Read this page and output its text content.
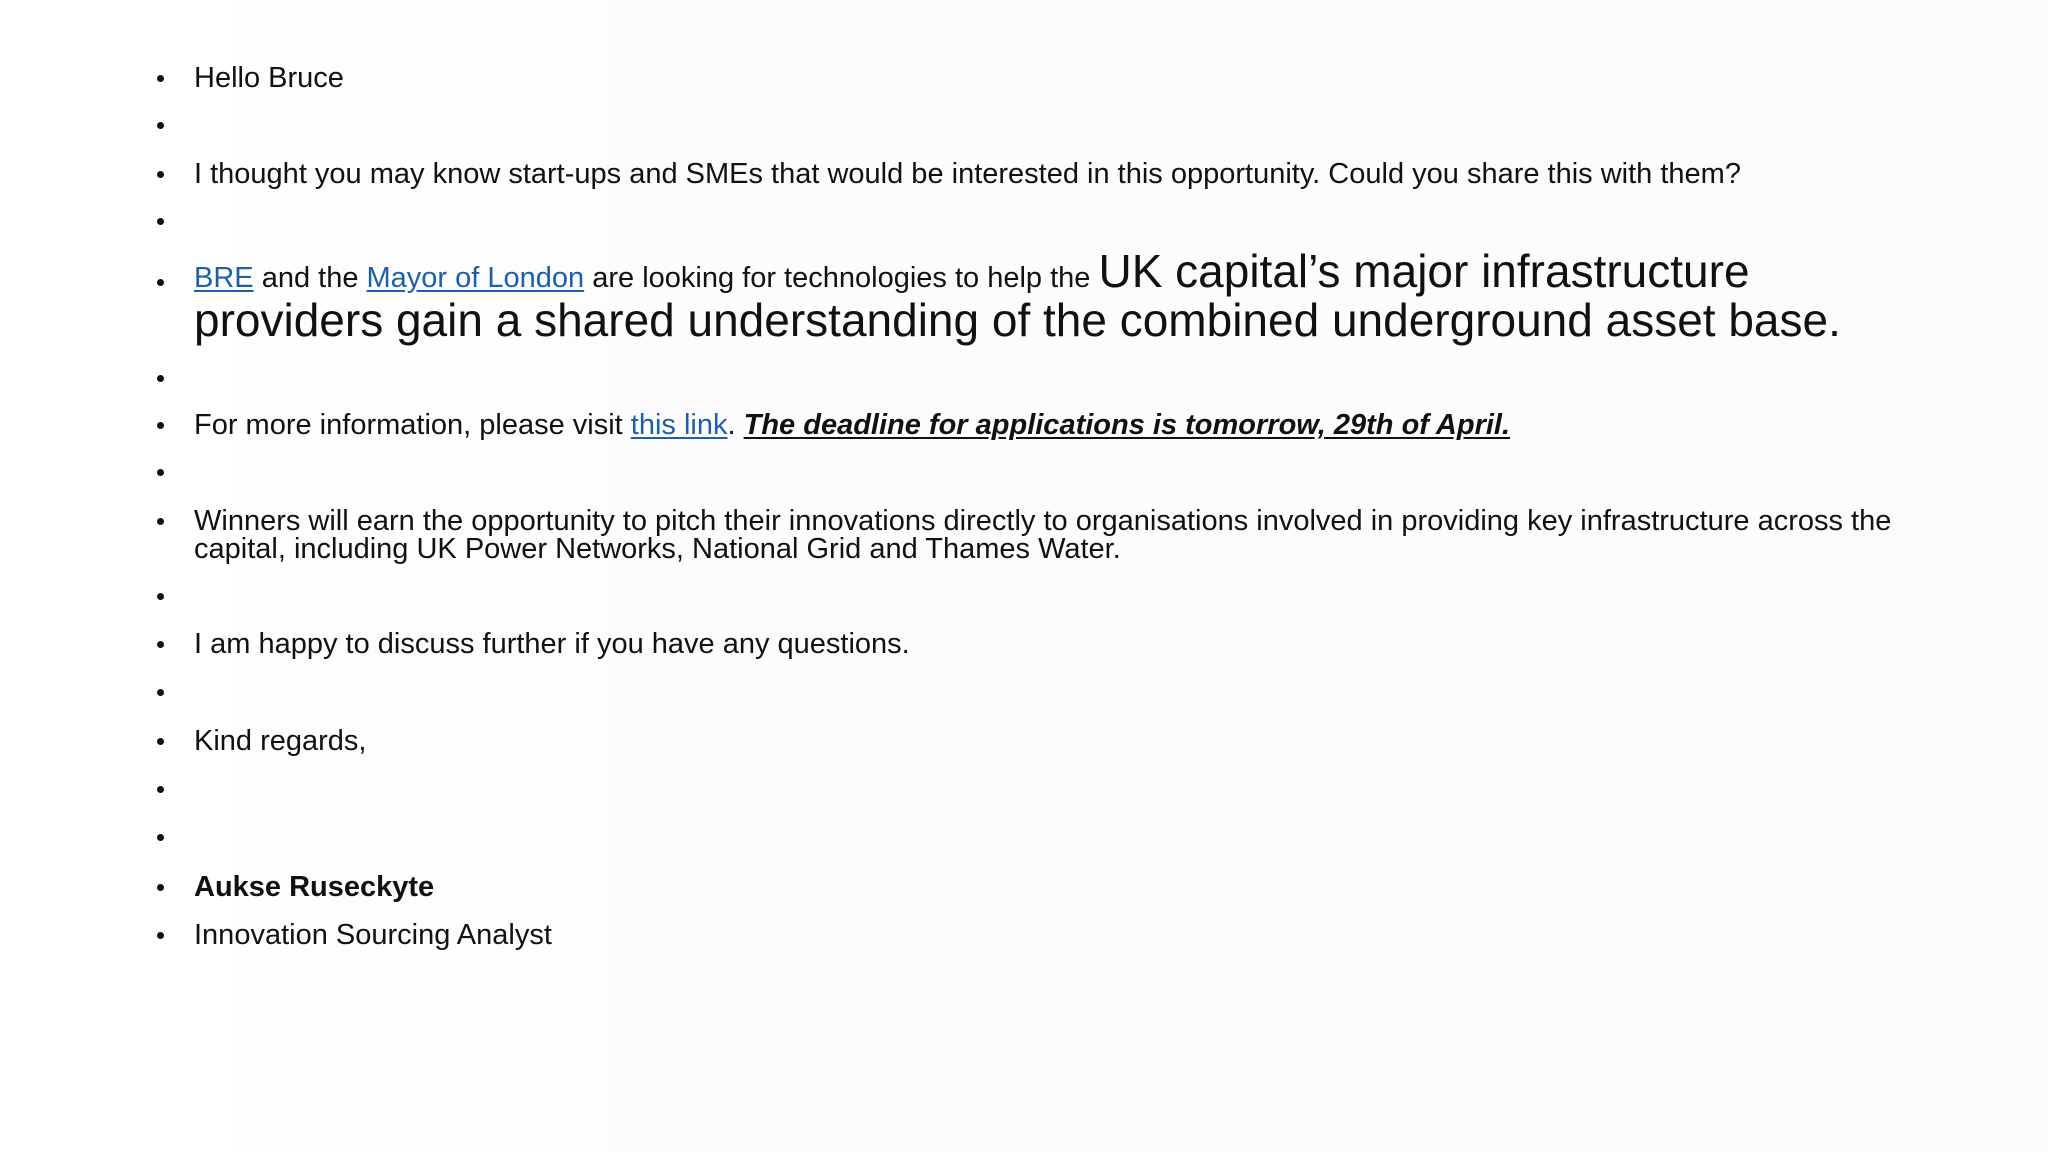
Hello Bruce
I thought you may know start-ups and SMEs that would be interested in this opportunity. Could you share this with them?
BRE and the Mayor of London are looking for technologies to help the UK capital’s major infrastructure providers gain a shared understanding of the combined underground asset base.
For more information, please visit this link. The deadline for applications is tomorrow, 29th of April.
Winners will earn the opportunity to pitch their innovations directly to organisations involved in providing key infrastructure across the capital, including UK Power Networks, National Grid and Thames Water.
I am happy to discuss further if you have any questions.
Kind regards,
Aukse Ruseckyte
Innovation Sourcing Analyst
